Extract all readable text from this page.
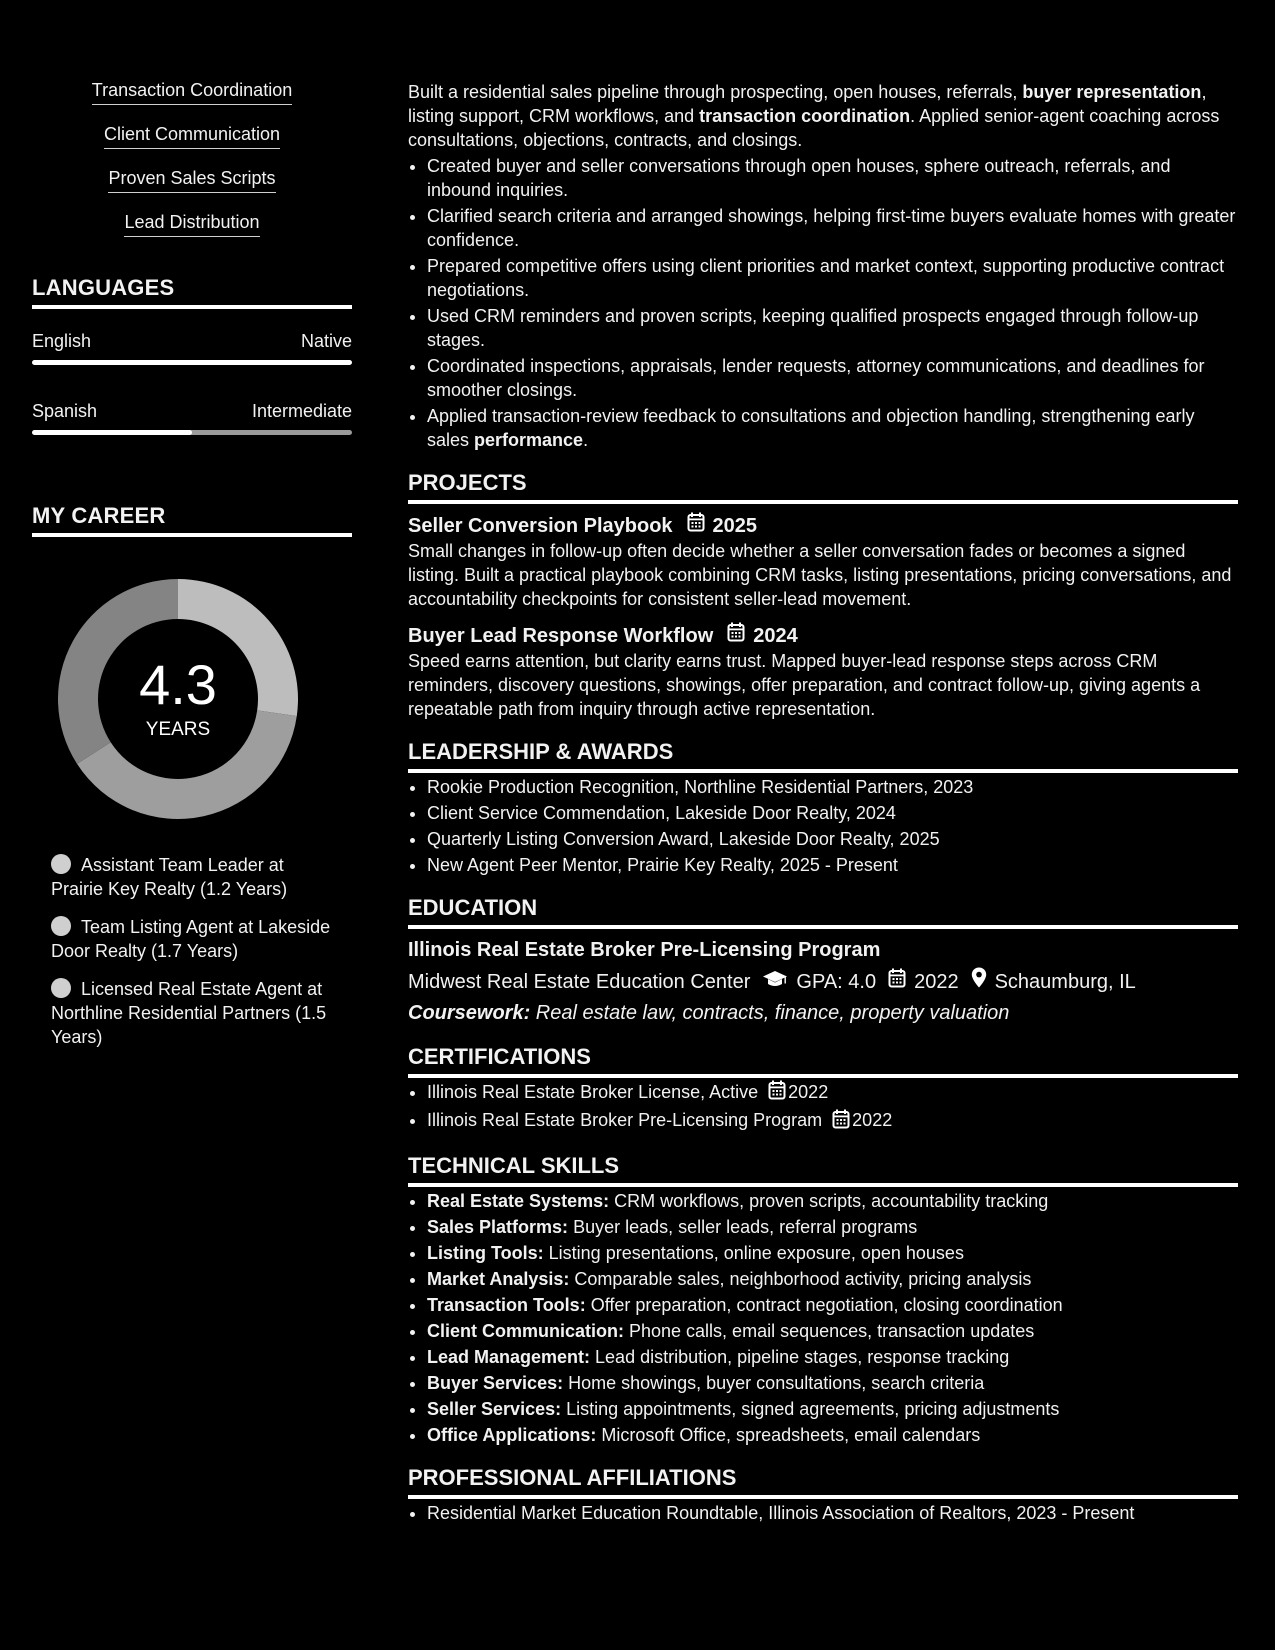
Transaction Coordination
Client Communication
Proven Sales Scripts
Lead Distribution
LANGUAGES
English	Native
Spanish	Intermediate
MY CAREER
4.3
YEARS
Assistant Team Leader at Prairie Key Realty (1.2 Years)
Team Listing Agent at Lakeside Door Realty (1.7 Years)
Licensed Real Estate Agent at Northline Residential Partners (1.5 Years)

Built a residential sales pipeline through prospecting, open houses, referrals, buyer representation, listing support, CRM workflows, and transaction coordination. Applied senior-agent coaching across consultations, objections, contracts, and closings.

• Created buyer and seller conversations through open houses, sphere outreach, referrals, and inbound inquiries.
• Clarified search criteria and arranged showings, helping first-time buyers evaluate homes with greater confidence.
• Prepared competitive offers using client priorities and market context, supporting productive contract negotiations.
• Used CRM reminders and proven scripts, keeping qualified prospects engaged through follow-up stages.
• Coordinated inspections, appraisals, lender requests, attorney communications, and deadlines for smoother closings.
• Applied transaction-review feedback to consultations and objection handling, strengthening early sales performance.
PROJECTS
Seller Conversion Playbook 2025

Small changes in follow-up often decide whether a seller conversation fades or becomes a signed listing. Built a practical playbook combining CRM tasks, listing presentations, pricing conversations, and accountability checkpoints for consistent seller-lead movement.

Buyer Lead Response Workflow 2024

Speed earns attention, but clarity earns trust. Mapped buyer-lead response steps across CRM reminders, discovery questions, showings, offer preparation, and contract follow-up, giving agents a repeatable path from inquiry through active representation.

LEADERSHIP & AWARDS
• Rookie Production Recognition, Northline Residential Partners, 2023
• Client Service Commendation, Lakeside Door Realty, 2024
• Quarterly Listing Conversion Award, Lakeside Door Realty, 2025
• New Agent Peer Mentor, Prairie Key Realty, 2025 - Present
EDUCATION
Illinois Real Estate Broker Pre-Licensing Program
Midwest Real Estate Education Center GPA: 4.0 2022 Schaumburg, IL
Coursework: Real estate law, contracts, finance, property valuation
CERTIFICATIONS
• Illinois Real Estate Broker License, Active 2022
• Illinois Real Estate Broker Pre-Licensing Program 2022
TECHNICAL SKILLS
• Real Estate Systems: CRM workflows, proven scripts, accountability tracking
• Sales Platforms: Buyer leads, seller leads, referral programs
• Listing Tools: Listing presentations, online exposure, open houses
• Market Analysis: Comparable sales, neighborhood activity, pricing analysis
• Transaction Tools: Offer preparation, contract negotiation, closing coordination
• Client Communication: Phone calls, email sequences, transaction updates
• Lead Management: Lead distribution, pipeline stages, response tracking
• Buyer Services: Home showings, buyer consultations, search criteria
• Seller Services: Listing appointments, signed agreements, pricing adjustments
• Office Applications: Microsoft Office, spreadsheets, email calendars
PROFESSIONAL AFFILIATIONS
• Residential Market Education Roundtable, Illinois Association of Realtors, 2023 - Present
